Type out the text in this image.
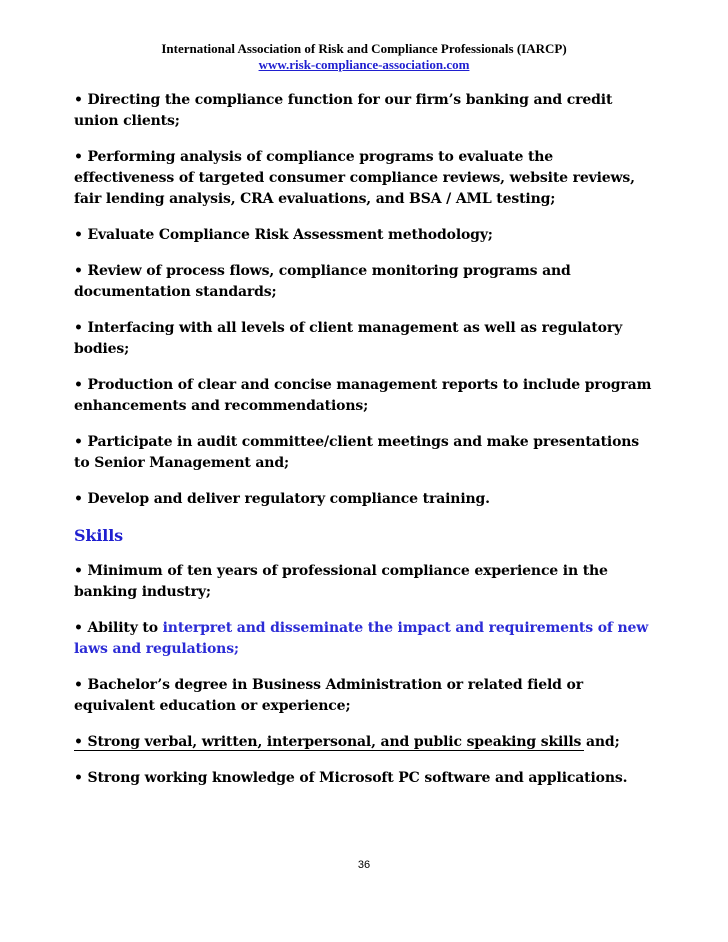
International Association of Risk and Compliance Professionals (IARCP)
www.risk-compliance-association.com

• Directing the compliance function for our firm’s banking and credit union clients;

• Performing analysis of compliance programs to evaluate the effectiveness of targeted consumer compliance reviews, website reviews, fair lending analysis, CRA evaluations, and BSA / AML testing;

• Evaluate Compliance Risk Assessment methodology;

• Review of process flows, compliance monitoring programs and documentation standards;

• Interfacing with all levels of client management as well as regulatory bodies;

• Production of clear and concise management reports to include program enhancements and recommendations;

• Participate in audit committee/client meetings and make presentations to Senior Management and;

• Develop and deliver regulatory compliance training.

Skills

• Minimum of ten years of professional compliance experience in the banking industry;

• Ability to interpret and disseminate the impact and requirements of new laws and regulations;

• Bachelor’s degree in Business Administration or related field or equivalent education or experience;

• Strong verbal, written, interpersonal, and public speaking skills and;

• Strong working knowledge of Microsoft PC software and applications.

36
